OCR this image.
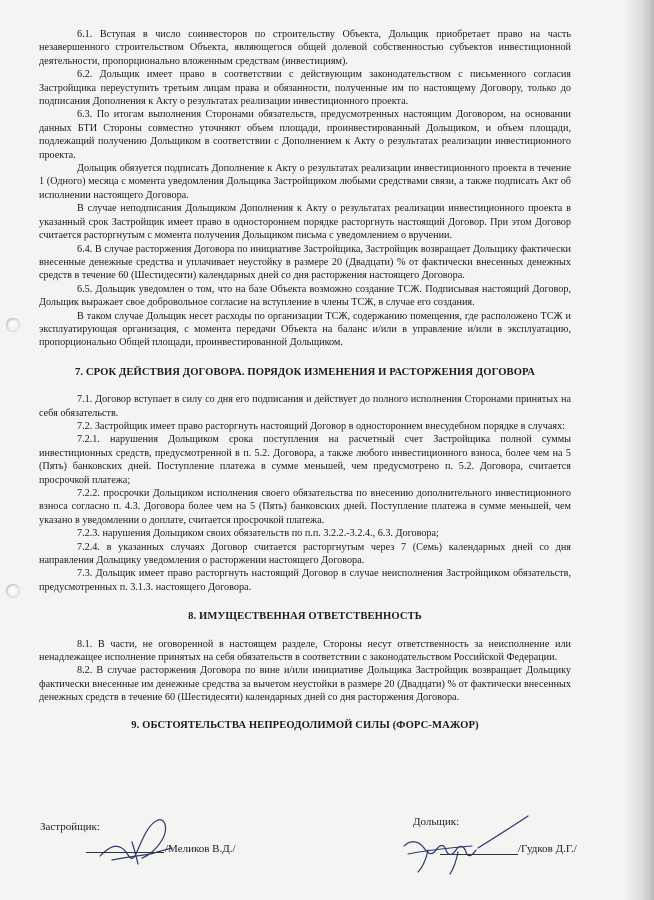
6.1. Вступая в число соинвесторов по строительству Объекта, Дольщик приобретает право на часть незавершенного строительством Объекта, являющегося общей долевой собственностью субъектов инвестиционной деятельности, пропорционально вложенным средствам (инвестициям).

6.2. Дольщик имеет право в соответствии с действующим законодательством с письменного согласия Застройщика переуступить третьим лицам права и обязанности, полученные им по настоящему Договору, только до подписания Дополнения к Акту о результатах реализации инвестиционного проекта.

6.3. По итогам выполнения Сторонами обязательств, предусмотренных настоящим Договором, на основании данных БТИ Стороны совместно уточняют объем площади, проинвестированный Дольщиком, и объем площади, подлежащий получению Дольщиком в соответствии с Дополнением к Акту о результатах реализации инвестиционного проекта.

Дольщик обязуется подписать Дополнение к Акту о результатах реализации инвестиционного проекта в течение 1 (Одного) месяца с момента уведомления Дольщика Застройщиком любыми средствами связи, а также подписать Акт об исполнении настоящего Договора.

В случае неподписания Дольщиком Дополнения к Акту о результатах реализации инвестиционного проекта в указанный срок Застройщик имеет право в одностороннем порядке расторгнуть настоящий Договор. При этом Договор считается расторгнутым с момента получения Дольщиком письма с уведомлением о вручении.

6.4. В случае расторжения Договора по инициативе Застройщика, Застройщик возвращает Дольщику фактически внесенные денежные средства и уплачивает неустойку в размере 20 (Двадцати) % от фактически внесенных денежных средств в течение 60 (Шестидесяти) календарных дней со дня расторжения настоящего Договора.

6.5. Дольщик уведомлен о том, что на базе Объекта возможно создание ТСЖ. Подписывая настоящий Договор, Дольщик выражает свое добровольное согласие на вступление в члены ТСЖ, в случае его создания.

В таком случае Дольщик несет расходы по организации ТСЖ, содержанию помещения, где расположено ТСЖ и эксплуатирующая организация, с момента передачи Объекта на баланс и/или в управление и/или в эксплуатацию, пропорционально Общей площади, проинвестированной Дольщиком.

7. СРОК ДЕЙСТВИЯ ДОГОВОРА. ПОРЯДОК ИЗМЕНЕНИЯ И РАСТОРЖЕНИЯ ДОГОВОРА

7.1. Договор вступает в силу со дня его подписания и действует до полного исполнения Сторонами принятых на себя обязательств.

7.2. Застройщик имеет право расторгнуть настоящий Договор в одностороннем внесудебном порядке в случаях:

7.2.1. нарушения Дольщиком срока поступления на расчетный счет Застройщика полной суммы инвестиционных средств, предусмотренной в п. 5.2. Договора, а также любого инвестиционного взноса, более чем на 5 (Пять) банковских дней. Поступление платежа в сумме меньшей, чем предусмотрено п. 5.2. Договора, считается просрочкой платежа;

7.2.2. просрочки Дольщиком исполнения своего обязательства по внесению дополнительного инвестиционного взноса согласно п. 4.3. Договора более чем на 5 (Пять) банковских дней. Поступление платежа в сумме меньшей, чем указано в уведомлении о доплате, считается просрочкой платежа.

7.2.3. нарушения Дольщиком своих обязательств по п.п. 3.2.2.-3.2.4., 6.3. Договора;

7.2.4. в указанных случаях Договор считается расторгнутым через 7 (Семь) календарных дней со дня направления Дольщику уведомления о расторжении настоящего Договора.

7.3. Дольщик имеет право расторгнуть настоящий Договор в случае неисполнения Застройщиком обязательств, предусмотренных п. 3.1.3. настоящего Договора.

8. ИМУЩЕСТВЕННАЯ ОТВЕТСТВЕННОСТЬ

8.1. В части, не оговоренной в настоящем разделе, Стороны несут ответственность за неисполнение или ненадлежащее исполнение принятых на себя обязательств в соответствии с законодательством Российской Федерации.

8.2. В случае расторжения Договора по вине и/или инициативе Дольщика Застройщик возвращает Дольщику фактически внесенные им денежные средства за вычетом неустойки в размере 20 (Двадцати) % от фактически внесенных денежных средств в течение 60 (Шестидесяти) календарных дней со дня расторжения Договора.

9. ОБСТОЯТЕЛЬСТВА НЕПРЕОДОЛИМОЙ СИЛЫ (ФОРС-МАЖОР)
Застройщик:
/Меликов В.Д./
Дольщик:
/Гудков Д.Г./
